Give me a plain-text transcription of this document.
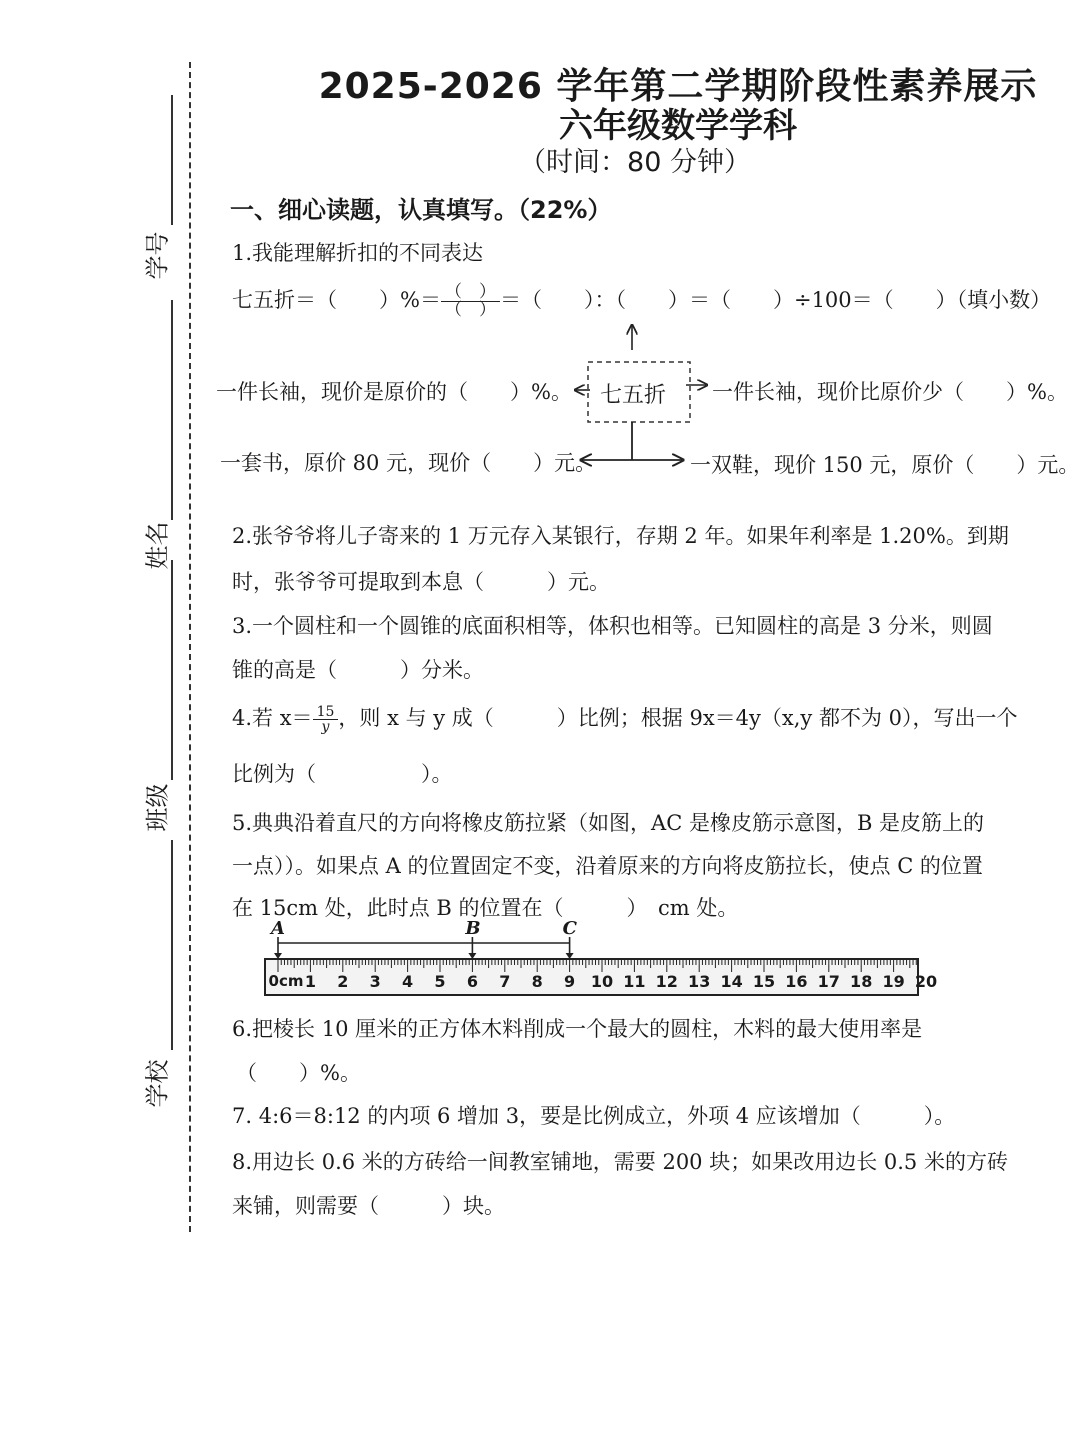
学号
姓名
班级
学校
2025-2026 学年第二学期阶段性素养展示
六年级数学学科
（时间：80 分钟）
一、细心读题，认真填写。（22%）
1.我能理解折扣的不同表达
七五折＝（　　）%＝ $\frac{( )}{( )}$ ＝（　　）：（　　）＝（　　）÷100＝（　　）（填小数）
七五折
一件长袖，现价是原价的（　　）%。	一件长袖，现价比原价少（　　）%。
一套书，原价 80 元，现价（　　）元。	一双鞋，现价 150 元，原价（　　）元。
2.张爷爷将儿子寄来的 1 万元存入某银行，存期 2 年。如果年利率是 1.20%。到期
时，张爷爷可提取到本息（　　　）元。
3.一个圆柱和一个圆锥的底面积相等，体积也相等。已知圆柱的高是 3 分米，则圆
锥的高是（　　　）分米。
4.若 $x= \frac{15}{y}$ ，则 x 与 y 成（　　　）比例；根据 9x＝4y（x,y 都不为 0），写出一个
比例为（　　　　　）。
5.典典沿着直尺的方向将橡皮筋拉紧（如图，AC 是橡皮筋示意图，B 是皮筋上的
一点））。如果点 A 的位置固定不变，沿着原来的方向将皮筋拉长，使点 C 的位置
在 15cm 处，此时点 B 的位置在（　　　）　cm 处。
0cm 1 2 3 4 5 6 7 8 9 10 11 12 13 14 15 16 17 18 19 20
6.把棱长 10 厘米的正方体木料削成一个最大的圆柱，木料的最大使用率是
（　　）%。
7. 4:6＝8:12 的内项 6 增加 3，要是比例成立，外项 4 应该增加（　　　）。
8.用边长 0.6 米的方砖给一间教室铺地，需要 200 块；如果改用边长 0.5 米的方砖
来铺，则需要（　　　）块。
A	B	C
